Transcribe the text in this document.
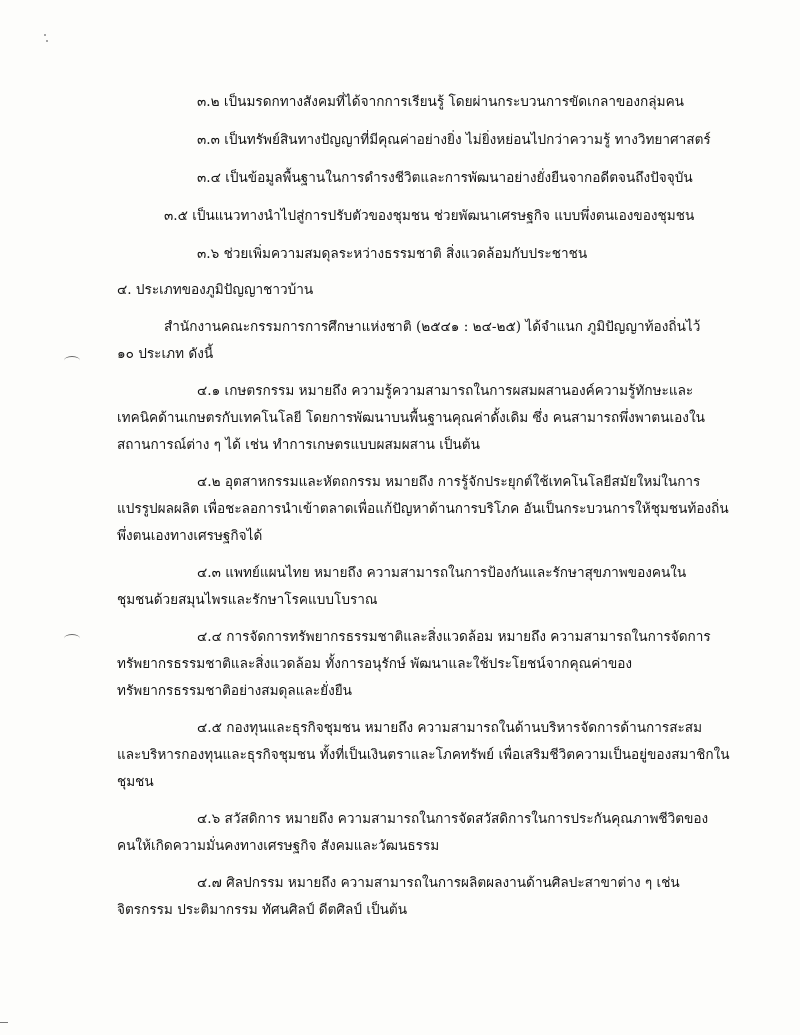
๓.๒ เป็นมรดกทางสังคมที่ได้จากการเรียนรู้ โดยผ่านกระบวนการขัดเกลาของกลุ่มคน
๓.๓ เป็นทรัพย์สินทางปัญญาที่มีคุณค่าอย่างยิ่ง ไม่ยิ่งหย่อนไปกว่าความรู้ ทางวิทยาศาสตร์
๓.๔ เป็นข้อมูลพื้นฐานในการดำรงชีวิตและการพัฒนาอย่างยั่งยืนจากอดีตจนถึงปัจจุบัน
๓.๕ เป็นแนวทางนำไปสู่การปรับตัวของชุมชน ช่วยพัฒนาเศรษฐกิจ แบบพึ่งตนเองของชุมชน
๓.๖ ช่วยเพิ่มความสมดุลระหว่างธรรมชาติ สิ่งแวดล้อมกับประชาชน
๔. ประเภทของภูมิปัญญาชาวบ้าน
สำนักงานคณะกรรมการการศึกษาแห่งชาติ (๒๕๔๑ : ๒๔-๒๕) ได้จำแนก ภูมิปัญญาท้องถิ่นไว้
๑๐ ประเภท ดังนี้
๔.๑ เกษตรกรรม หมายถึง ความรู้ความสามารถในการผสมผสานองค์ความรู้ทักษะและ
เทคนิคด้านเกษตรกับเทคโนโลยี โดยการพัฒนาบนพื้นฐานคุณค่าดั้งเดิม ซึ่ง คนสามารถพึ่งพาตนเองใน
สถานการณ์ต่าง ๆ ได้ เช่น ทำการเกษตรแบบผสมผสาน เป็นต้น
๔.๒ อุตสาหกรรมและหัตถกรรม หมายถึง การรู้จักประยุกต์ใช้เทคโนโลยีสมัยใหม่ในการ
แปรรูปผลผลิต เพื่อชะลอการนำเข้าตลาดเพื่อแก้ปัญหาด้านการบริโภค อันเป็นกระบวนการให้ชุมชนท้องถิ่น
พึ่งตนเองทางเศรษฐกิจได้
๔.๓ แพทย์แผนไทย หมายถึง ความสามารถในการป้องกันและรักษาสุขภาพของคนใน
ชุมชนด้วยสมุนไพรและรักษาโรคแบบโบราณ
๔.๔ การจัดการทรัพยากรธรรมชาติและสิ่งแวดล้อม หมายถึง ความสามารถในการจัดการ
ทรัพยากรธรรมชาติและสิ่งแวดล้อม ทั้งการอนุรักษ์ พัฒนาและใช้ประโยชน์จากคุณค่าของ
ทรัพยากรธรรมชาติอย่างสมดุลและยั่งยืน
๔.๕ กองทุนและธุรกิจชุมชน หมายถึง ความสามารถในด้านบริหารจัดการด้านการสะสม
และบริหารกองทุนและธุรกิจชุมชน ทั้งที่เป็นเงินตราและโภคทรัพย์ เพื่อเสริมชีวิตความเป็นอยู่ของสมาชิกใน
ชุมชน
๔.๖ สวัสดิการ หมายถึง ความสามารถในการจัดสวัสดิการในการประกันคุณภาพชีวิตของ
คนให้เกิดความมั่นคงทางเศรษฐกิจ สังคมและวัฒนธรรม
๔.๗ ศิลปกรรม หมายถึง ความสามารถในการผลิตผลงานด้านศิลปะสาขาต่าง ๆ เช่น
จิตรกรรม ประติมากรรม ทัศนศิลป์ ดีตศิลป์ เป็นต้น
